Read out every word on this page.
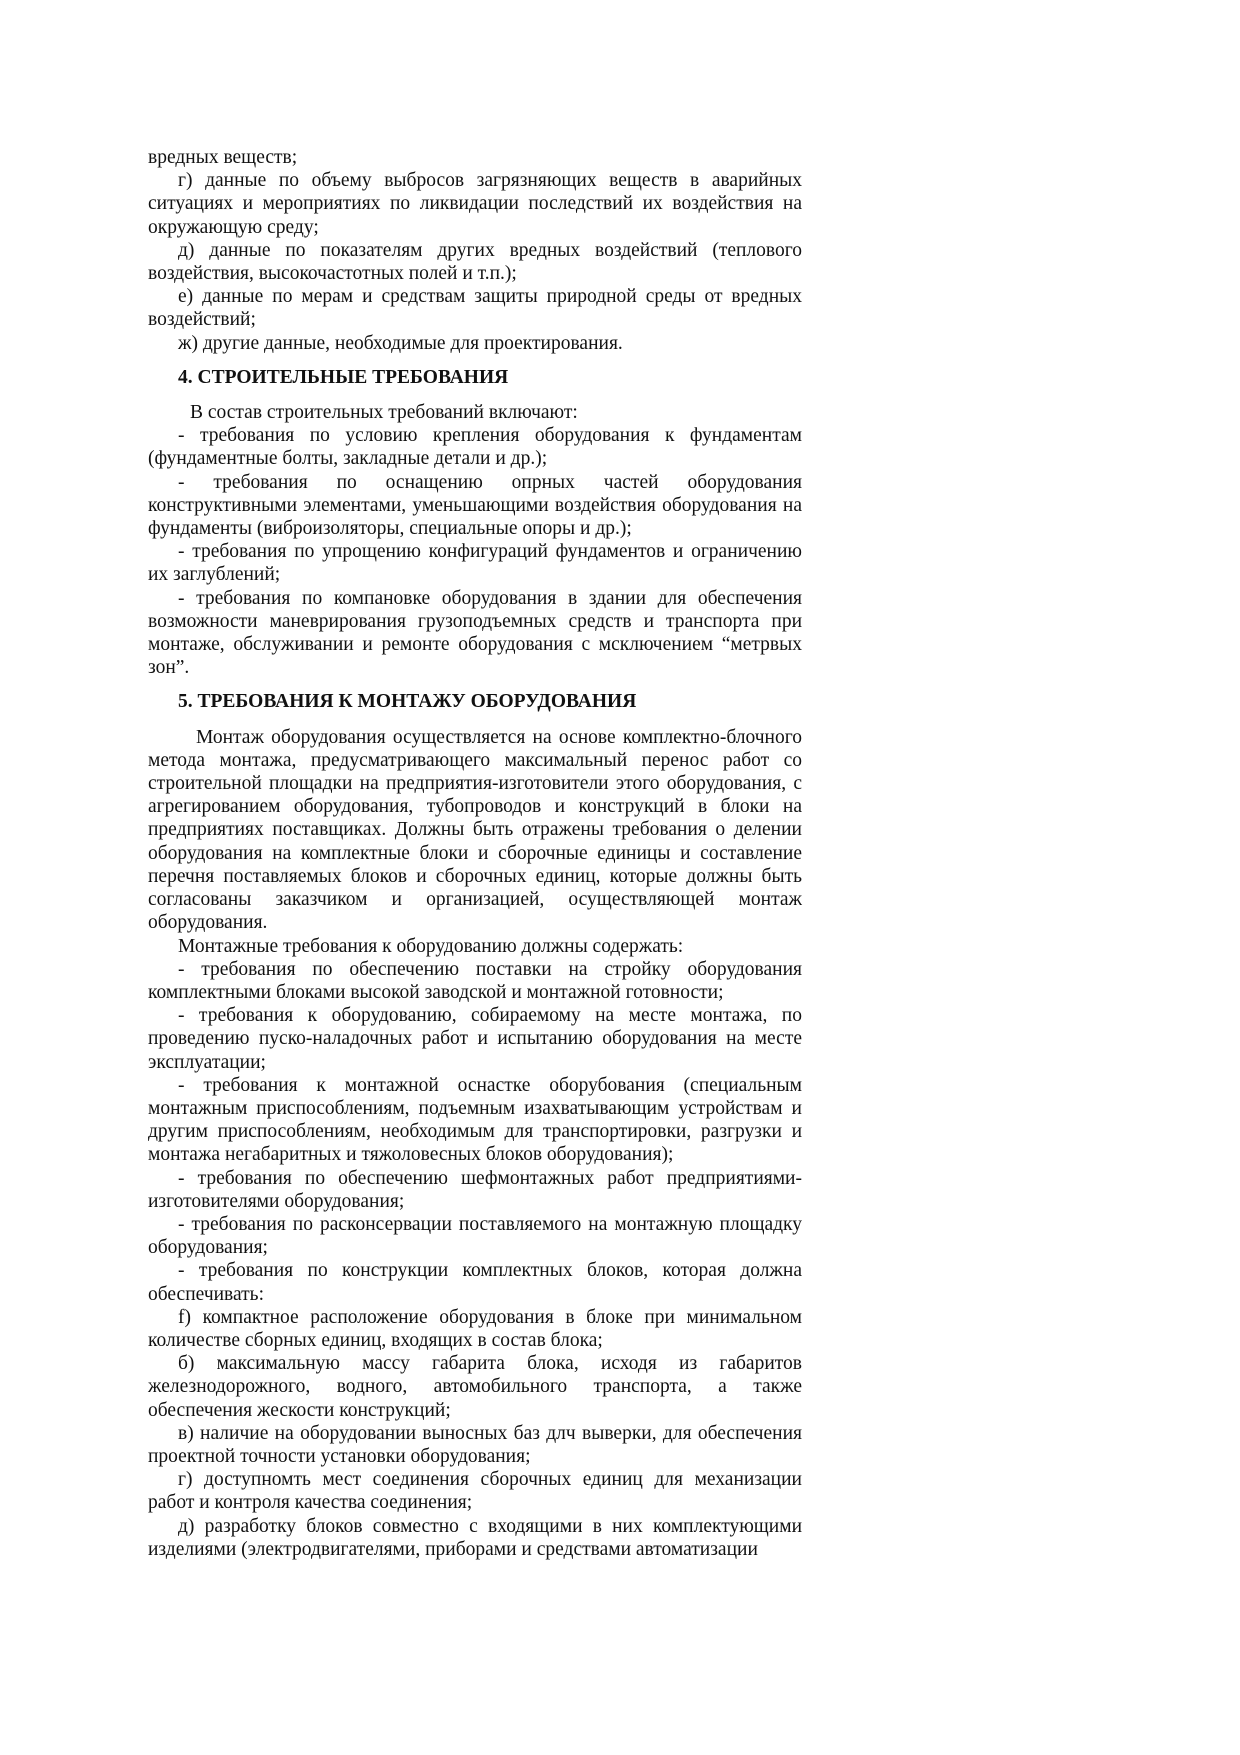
вредных веществ;

г) данные по объему выбросов загрязняющих веществ в аварийных ситуациях и мероприятиях по ликвидации последствий их воздействия на окружающую среду;

д) данные по показателям других вредных воздействий (теплового воздействия, высокочастотных полей и т.п.);

е) данные по мерам и средствам защиты природной среды от вредных воздействий;

ж) другие данные, необходимые для проектирования.

4. СТРОИТЕЛЬНЫЕ ТРЕБОВАНИЯ

В состав строительных требований включают:

- требования по условию крепления оборудования к фундаментам (фундаментные болты, закладные детали и др.);

- требования по оснащению опрных частей оборудования конструктивными элементами, уменьшающими воздействия оборудования на фундаменты (виброизоляторы, специальные опоры и др.);

- требования по упрощению конфигураций фундаментов и ограничению их заглублений;

- требования по компановке оборудования в здании для обеспечения возможности маневрирования грузоподъемных средств и транспорта при монтаже, обслуживании и ремонте оборудования с мсключением “метрвых зон”.

5. ТРЕБОВАНИЯ К МОНТАЖУ ОБОРУДОВАНИЯ

Монтаж оборудования осуществляется на основе комплектно-блочного метода монтажа, предусматривающего максимальный перенос работ со строительной площадки на предприятия-изготовители этого оборудования, с агрегированием оборудования, тубопроводов и конструкций в блоки на предприятиях поставщиках. Должны быть отражены требования о делении оборудования на комплектные блоки и сборочные единицы и составление перечня поставляемых блоков и сборочных единиц, которые должны быть согласованы заказчиком и организацией, осуществляющей монтаж оборудования.

Монтажные требования к оборудованию должны содержать:

- требования по обеспечению поставки на стройку оборудования комплектными блоками высокой заводской и монтажной готовности;

- требования к оборудованию, собираемому на месте монтажа, по проведению пуско-наладочных работ и испытанию оборудования на месте эксплуатации;

- требования к монтажной оснастке оборубования (специальным монтажным приспособлениям, подъемным изахватывающим устройствам и другим приспособлениям, необходимым для транспортировки, разгрузки и монтажа негабаритных и тяжоловесных блоков оборудования);

- требования по обеспечению шефмонтажных работ предприятиями-изготовителями оборудования;

- требования по расконсервации поставляемого на монтажную площадку оборудования;

- требования по конструкции комплектных блоков, которая должна обеспечивать:

f) компактное расположение оборудования в блоке при минимальном количестве сборных единиц, входящих в состав блока;

б) максимальную массу габарита блока, исходя из габаритов железнодорожного, водного, автомобильного транспорта, а также обеспечения жескости конструкций;

в) наличие на оборудовании выносных баз длч выверки, для обеспечения проектной точности установки оборудования;

г) доступномть мест соединения сборочных единиц для механизации работ и контроля качества соединения;

д) разработку блоков совместно с входящими в них комплектующими изделиями (электродвигателями, приборами и средствами автоматизации
